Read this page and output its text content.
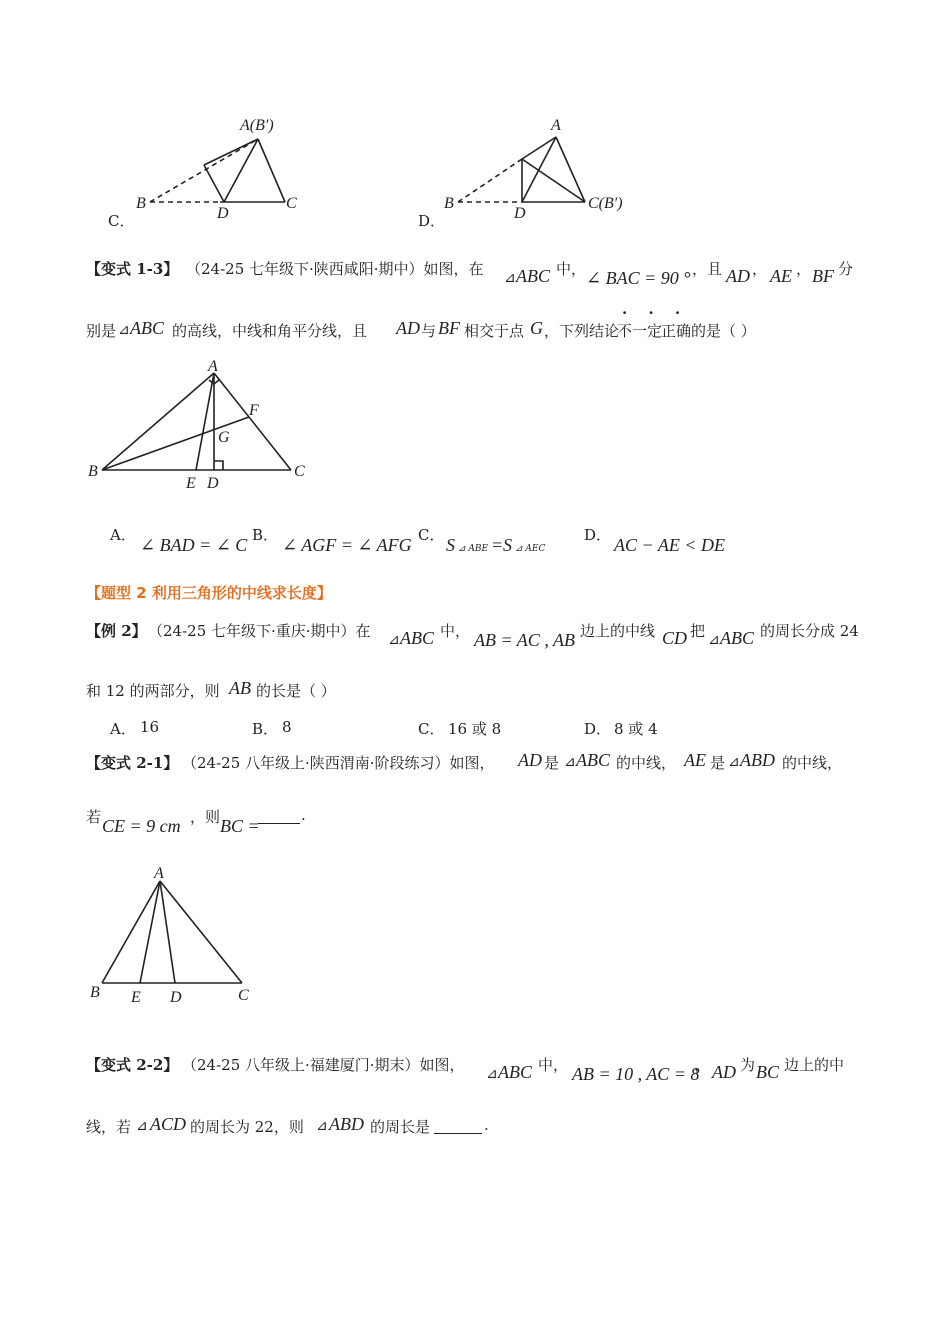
A(B′)
B
D
C
C．
A
B
D
C(B′)
D．
【变式 1-3】 （24-25 七年级下·陕西咸阳·期中）如图，在 ⊿ ABC 中， ∠ BAC = 90 ° ，且 AD ， AE ， BF 分
别是 ⊿ ABC 的高线，中线和角平分线，且 AD 与 BF 相交于点 G ，下列结论
不一定
· · ·
正确的是（ ）
A
F
G
B	C
E D
A． ∠ BAD = ∠ C B． ∠ AGF = ∠ AFG C． S ⊿ ABE = S ⊿ AEC
D． AC − AE < DE
【题型 2 利用三角形的中线求长度】
【例 2】 （24-25 七年级下·重庆·期中）在 ⊿ ABC 中， AB = AC , AB 边上的中线 CD 把 ⊿ ABC 的周长分成 24
和 12 的两部分，则 AB 的长是（ ）
A． 16	B． 8	C． 16 或 8	D． 8 或 4
【变式 2-1】 （24-25 八年级上·陕西渭南·阶段练习）如图， AD 是 ⊿ ABC 的中线， AE 是 ⊿ ABD 的中线，
若 CE = 9 cm ，则 BC =
.
A
B E D	C
【变式 2-2】 （24-25 八年级上·福建厦门·期末）如图， ⊿ ABC 中， AB = 10 , AC = 8
， AD 为 BC 边上的中
线，若 ⊿ ACD 的周长为 22，则 ⊿ ABD 的周长是	.
